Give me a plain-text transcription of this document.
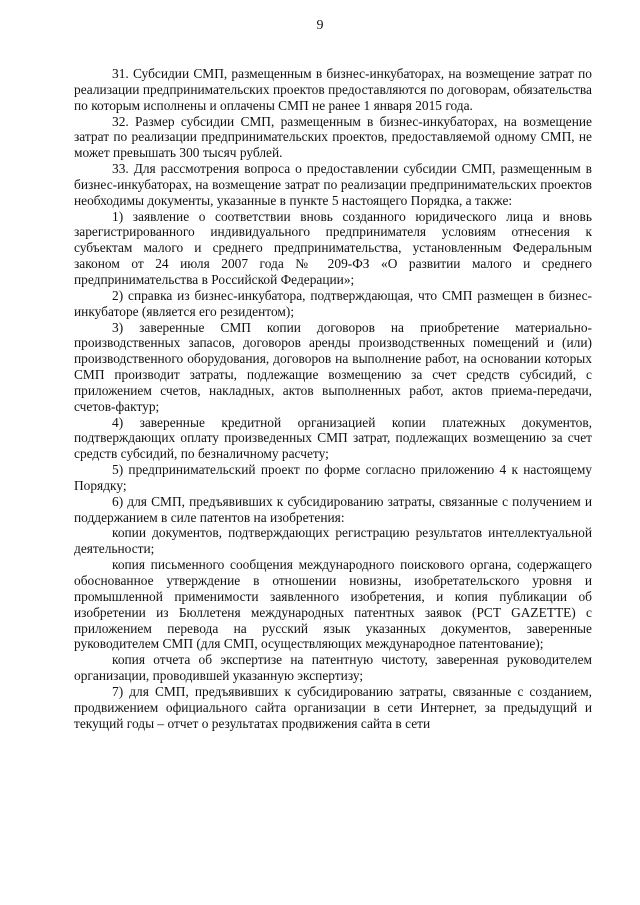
9

31. Субсидии СМП, размещенным в бизнес-инкубаторах, на возмещение затрат по реализации предпринимательских проектов предоставляются по договорам, обязательства по которым исполнены и оплачены СМП не ранее 1 января 2015 года.

32. Размер субсидии СМП, размещенным в бизнес-инкубаторах, на возмещение затрат по реализации предпринимательских проектов, предоставляемой одному СМП, не может превышать 300 тысяч рублей.

33. Для рассмотрения вопроса о предоставлении субсидии СМП, размещенным в бизнес-инкубаторах, на возмещение затрат по реализации предпринимательских проектов необходимы документы, указанные в пункте 5 настоящего Порядка, а также:

1) заявление о соответствии вновь созданного юридического лица и вновь зарегистрированного индивидуального предпринимателя условиям отнесения к субъектам малого и среднего предпринимательства, установленным Федеральным законом от 24 июля 2007 года № 209-ФЗ «О развитии малого и среднего предпринимательства в Российской Федерации»;

2) справка из бизнес-инкубатора, подтверждающая, что СМП размещен в бизнес-инкубаторе (является его резидентом);

3) заверенные СМП копии договоров на приобретение материально-производственных запасов, договоров аренды производственных помещений и (или) производственного оборудования, договоров на выполнение работ, на основании которых СМП производит затраты, подлежащие возмещению за счет средств субсидий, с приложением счетов, накладных, актов выполненных работ, актов приема-передачи, счетов-фактур;

4) заверенные кредитной организацией копии платежных документов, подтверждающих оплату произведенных СМП затрат, подлежащих возмещению за счет средств субсидий, по безналичному расчету;

5) предпринимательский проект по форме согласно приложению 4 к настоящему Порядку;

6) для СМП, предъявивших к субсидированию затраты, связанные с получением и поддержанием в силе патентов на изобретения:

копии документов, подтверждающих регистрацию результатов интеллектуальной деятельности;

копия письменного сообщения международного поискового органа, содержащего обоснованное утверждение в отношении новизны, изобретательского уровня и промышленной применимости заявленного изобретения, и копия публикации об изобретении из Бюллетеня международных патентных заявок (PCT GAZETTE) с приложением перевода на русский язык указанных документов, заверенные руководителем СМП (для СМП, осуществляющих международное патентование);

копия отчета об экспертизе на патентную чистоту, заверенная руководителем организации, проводившей указанную экспертизу;

7) для СМП, предъявивших к субсидированию затраты, связанные с созданием, продвижением официального сайта организации в сети Интернет, за предыдущий и текущий годы – отчет о результатах продвижения сайта в сети
